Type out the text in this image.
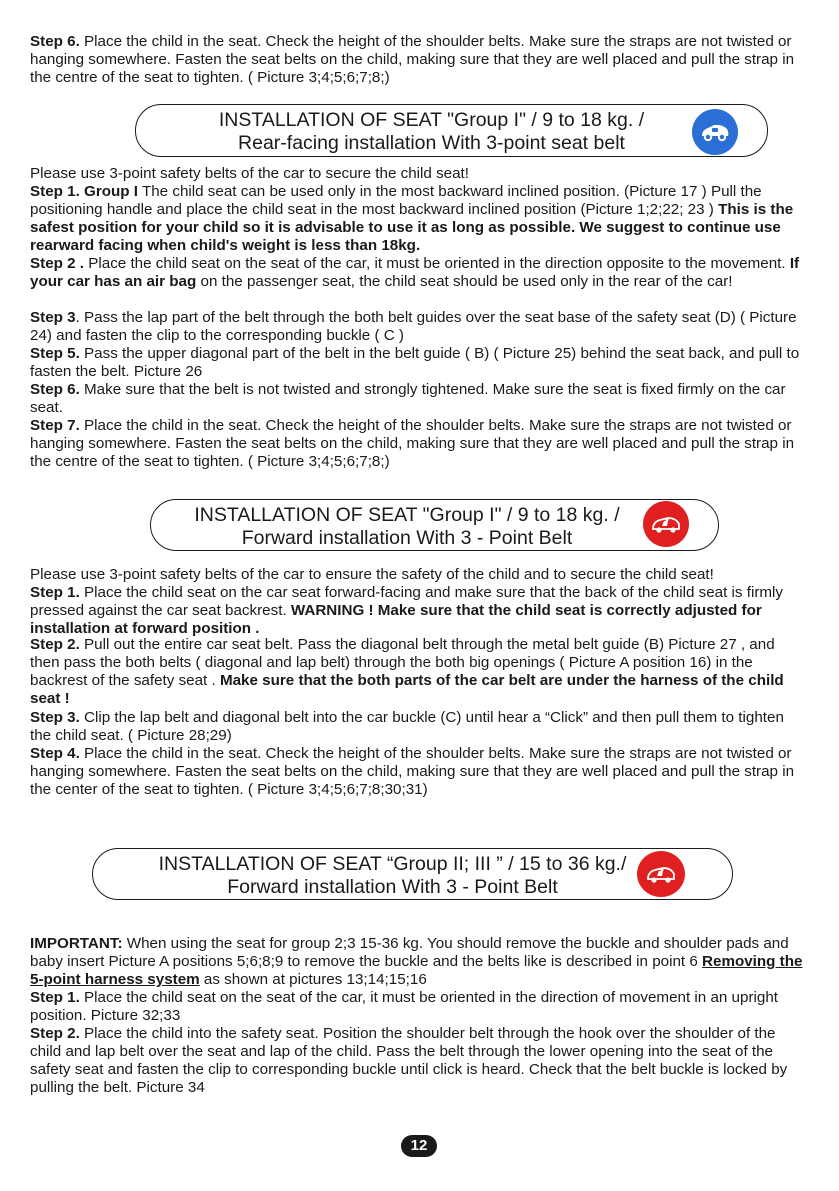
Step 6. Place the child in the seat. Check the height of the shoulder belts. Make sure the straps are not twisted or hanging somewhere. Fasten the seat belts on the child, making sure that they are well placed and pull the strap in the centre of the seat to tighten. ( Picture 3;4;5;6;7;8;)

INSTALLATION OF SEAT "Group I" / 9 to 18 kg. /
Rear-facing installation With 3-point seat belt

Please use 3-point safety belts of the car to secure the child seat!

Step 1. Group I The child seat can be used only in the most backward inclined position. (Picture 17 ) Pull the positioning handle and place the child seat in the most backward inclined position (Picture 1;2;22; 23 ) This is the safest position for your child so it is advisable to use it as long as possible. We suggest to continue use rearward facing when child's weight is less than 18kg.

Step 2 . Place the child seat on the seat of the car, it must be oriented in the direction opposite to the movement. If your car has an air bag on the passenger seat, the child seat should be used only in the rear of the car!

Step 3. Pass the lap part of the belt through the both belt guides over the seat base of the safety seat (D) ( Picture 24) and fasten the clip to the corresponding buckle ( C )

Step 5. Pass the upper diagonal part of the belt in the belt guide ( B) ( Picture 25) behind the seat back, and pull to fasten the belt. Picture 26

Step 6. Make sure that the belt is not twisted and strongly tightened. Make sure the seat is fixed firmly on the car seat.

Step 7. Place the child in the seat. Check the height of the shoulder belts. Make sure the straps are not twisted or hanging somewhere. Fasten the seat belts on the child, making sure that they are well placed and pull the strap in the centre of the seat to tighten. ( Picture 3;4;5;6;7;8;)

INSTALLATION OF SEAT "Group I" / 9 to 18 kg. /
Forward installation With 3 - Point Belt

Please use 3-point safety belts of the car to ensure the safety of the child and to secure the child seat!

Step 1. Place the child seat on the car seat forward-facing and make sure that the back of the child seat is firmly pressed against the car seat backrest. WARNING ! Make sure that the child seat is correctly adjusted for installation at forward position .

Step 2. Pull out the entire car seat belt. Pass the diagonal belt through the metal belt guide (B) Picture 27 , and then pass the both belts ( diagonal and lap belt) through the both big openings ( Picture A position 16) in the backrest of the safety seat . Make sure that the both parts of the car belt are under the harness of the child seat !

Step 3. Clip the lap belt and diagonal belt into the car buckle (C) until hear a “Click” and then pull them to tighten the child seat. ( Picture 28;29)

Step 4. Place the child in the seat. Check the height of the shoulder belts. Make sure the straps are not twisted or hanging somewhere. Fasten the seat belts on the child, making sure that they are well placed and pull the strap in the center of the seat to tighten. ( Picture 3;4;5;6;7;8;30;31)

INSTALLATION OF SEAT “Group II; III ” / 15 to 36 kg./
Forward installation With 3 - Point Belt

IMPORTANT: When using the seat for group 2;3 15-36 kg. You should remove the buckle and shoulder pads and baby insert Picture A positions 5;6;8;9 to remove the buckle and the belts like is described in point 6 Removing the 5-point harness system as shown at pictures 13;14;15;16

Step 1. Place the child seat on the seat of the car, it must be oriented in the direction of movement in an upright position. Picture 32;33

Step 2. Place the child into the safety seat. Position the shoulder belt through the hook over the shoulder of the child and lap belt over the seat and lap of the child. Pass the belt through the lower opening into the seat of the safety seat and fasten the clip to corresponding buckle until click is heard. Check that the belt buckle is locked by pulling the belt. Picture 34

12
